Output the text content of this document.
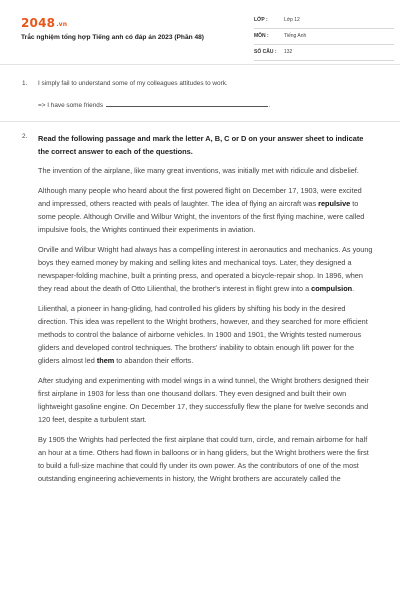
2048.vn
Trắc nghiệm tổng hợp Tiếng anh có đáp án 2023 (Phần 48)
LỚP :	Lớp 12
MÔN :	Tiếng Anh
SỐ CÂU : 132
1. I simply fail to understand some of my colleagues attitudes to work.
=> I have some friends	.
2. Read the following passage and mark the letter A, B, C or D on your answer sheet to indicate the correct answer to each of the questions.

The invention of the airplane, like many great inventions, was initially met with ridicule and disbelief.

Although many people who heard about the first powered flight on December 17, 1903, were excited and impressed, others reacted with peals of laughter. The idea of flying an aircraft was repulsive to some people. Although Orville and Wilbur Wright, the inventors of the first flying machine, were called impulsive fools, the Wrights continued their experiments in aviation.

Orville and Wilbur Wright had always has a compelling interest in aeronautics and mechanics. As young boys they earned money by making and selling kites and mechanical toys. Later, they designed a newspaper-folding machine, built a printing press, and operated a bicycle-repair shop. In 1896, when they read about the death of Otto Lilienthal, the brother's interest in flight grew into a compulsion.

Lilienthal, a pioneer in hang-gliding, had controlled his gliders by shifting his body in the desired direction. This idea was repellent to the Wright brothers, however, and they searched for more efficient methods to control the balance of airborne vehicles. In 1900 and 1901, the Wrights tested numerous gliders and developed control techniques. The brothers' inability to obtain enough lift power for the gliders almost led them to abandon their efforts.

After studying and experimenting with model wings in a wind tunnel, the Wright brothers designed their first airplane in 1903 for less than one thousand dollars. They even designed and built their own lightweight gasoline engine. On December 17, they successfully flew the plane for twelve seconds and 120 feet, despite a turbulent start.

By 1905 the Wrights had perfected the first airplane that could turn, circle, and remain airborne for half an hour at a time. Others had flown in balloons or in hang gliders, but the Wright brothers were the first to build a full-size machine that could fly under its own power. As the contributors of one of the most outstanding engineering achievements in history, the Wright brothers are accurately called the
